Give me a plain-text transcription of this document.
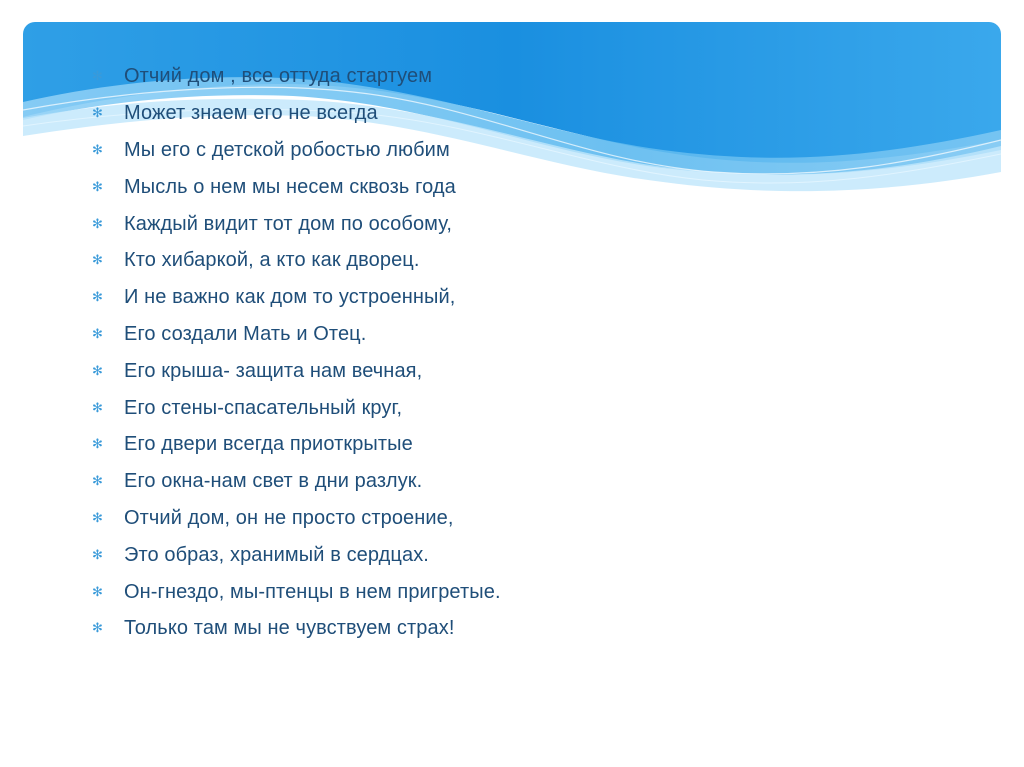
✻	Отчий дом , все оттуда стартуем
✻	Может знаем его не всегда
✻	Мы его с детской робостью любим
✻	Мысль о нем мы несем сквозь года
✻	Каждый видит тот дом по особому,
✻	Кто хибаркой, а кто как дворец.
✻	И не важно как дом то устроенный,
✻	Его создали Мать и Отец.
✻	Его крыша- защита нам вечная,
✻	Его стены-спасательный круг,
✻	Его двери всегда приоткрытые
✻	Его окна-нам свет в дни разлук.
✻	Отчий дом, он не просто строение,
✻	Это образ, хранимый в сердцах.
✻	Он-гнездо, мы-птенцы в нем пригретые.
✻	Только там мы не чувствуем страх!
